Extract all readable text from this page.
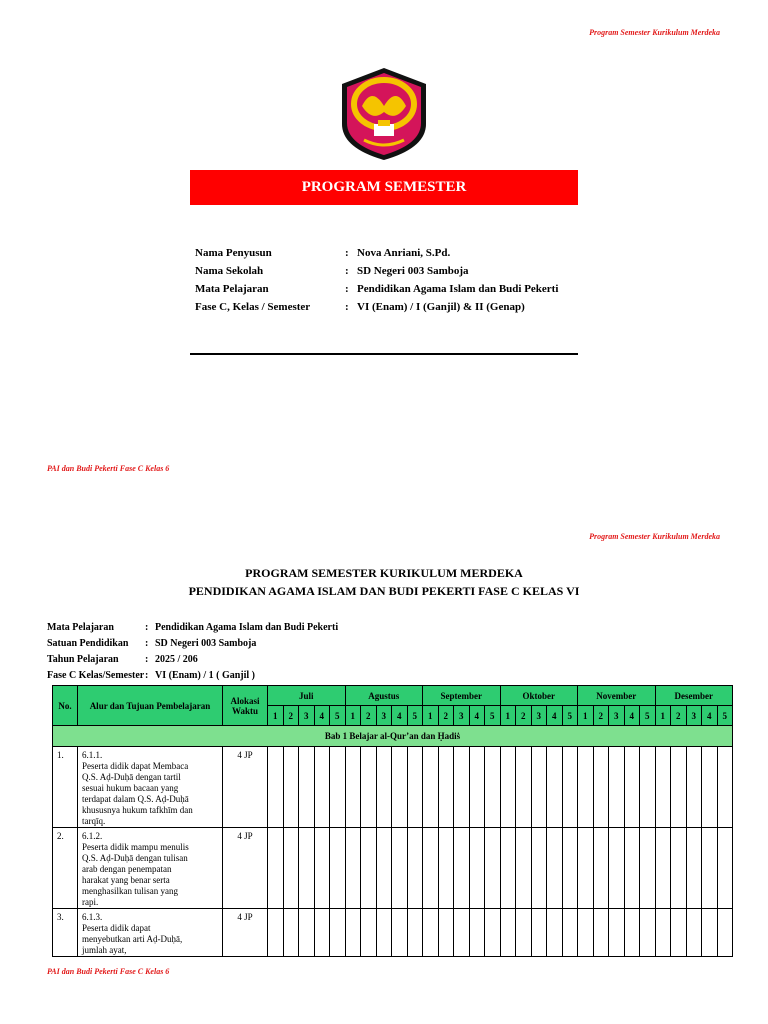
Program Semester Kurikulum Merdeka
PROGRAM SEMESTER
Nama Penyusun	:	Nova Anriani, S.Pd.
Nama Sekolah	:	SD Negeri 003 Samboja
Mata Pelajaran	:	Pendidikan Agama Islam dan Budi Pekerti
Fase C, Kelas / Semester	:	VI (Enam) / I (Ganjil) & II (Genap)
PAI dan Budi Pekerti Fase C Kelas 6
Program Semester Kurikulum Merdeka
PROGRAM SEMESTER KURIKULUM MERDEKA
PENDIDIKAN AGAMA ISLAM DAN BUDI PEKERTI FASE C KELAS VI
Mata Pelajaran	:	Pendidikan Agama Islam dan Budi Pekerti
Satuan Pendidikan	:	SD Negeri 003 Samboja
Tahun Pelajaran	:	2025 / 206
Fase C Kelas/Semester	:	VI (Enam) / 1 ( Ganjil )
No.	Alur dan Tujuan Pembelajaran	Alokasi Waktu	Juli					Agustus					September					Oktober					November					Desember				
			1	2	3	4	5	1	2	3	4	5	1	2	3	4	5	1	2	3	4	5	1	2	3	4	5	1	2	3	4	5
Bab 1 Belajar al-Qur’an dan Ḥadiṡ																																
1.	6.1.1.Peserta didik dapat Membaca Q.S. Aḍ-Duḥā dengan tartil sesuai hukum bacaan yang terdapat dalam Q.S. Aḍ-Duḥā khususnya hukum tafkhīm dan tarqīq.	4 JP																														
2.	6.1.2.Peserta didik mampu menulis Q.S. Aḍ-Duḥā dengan tulisan arab dengan penempatan harakat yang benar serta menghasilkan tulisan yang rapi.	4 JP																														
3.	6.1.3.Peserta didik dapat menyebutkan arti Aḍ-Duḥā, jumlah ayat,	4 JP																														
PAI dan Budi Pekerti Fase C Kelas 6
